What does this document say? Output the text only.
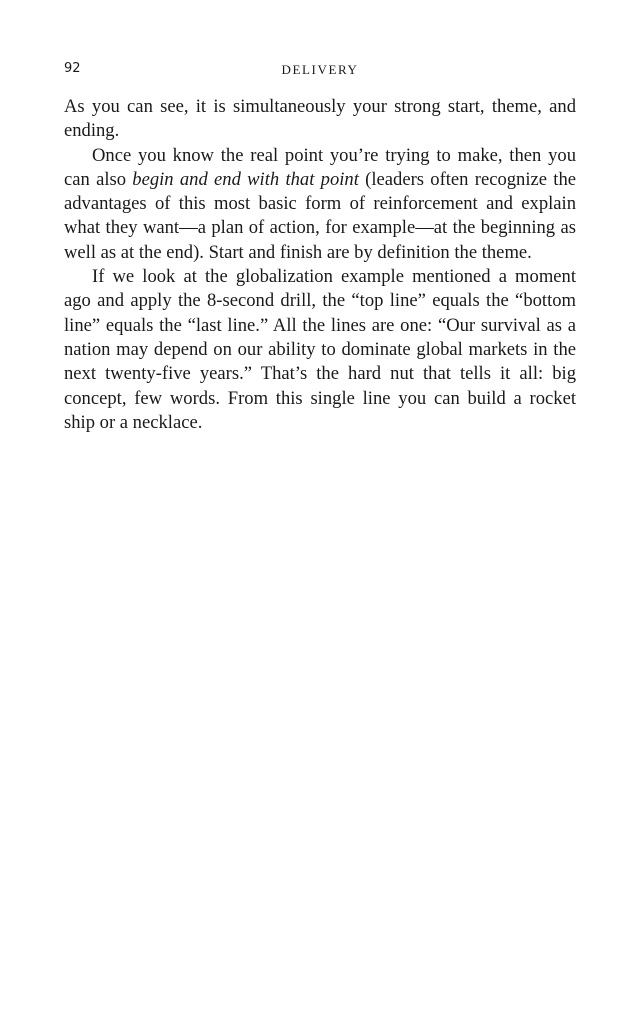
92	DELIVERY

As you can see, it is simultaneously your strong start, theme, and ending.

Once you know the real point you’re trying to make, then you can also begin and end with that point (leaders often recognize the advantages of this most basic form of reinforcement and explain what they want—a plan of action, for example—at the beginning as well as at the end). Start and finish are by definition the theme.

If we look at the globalization example mentioned a moment ago and apply the 8-second drill, the “top line” equals the “bottom line” equals the “last line.” All the lines are one: “Our survival as a nation may depend on our ability to dominate global markets in the next twenty-five years.” That’s the hard nut that tells it all: big concept, few words. From this single line you can build a rocket ship or a necklace.
